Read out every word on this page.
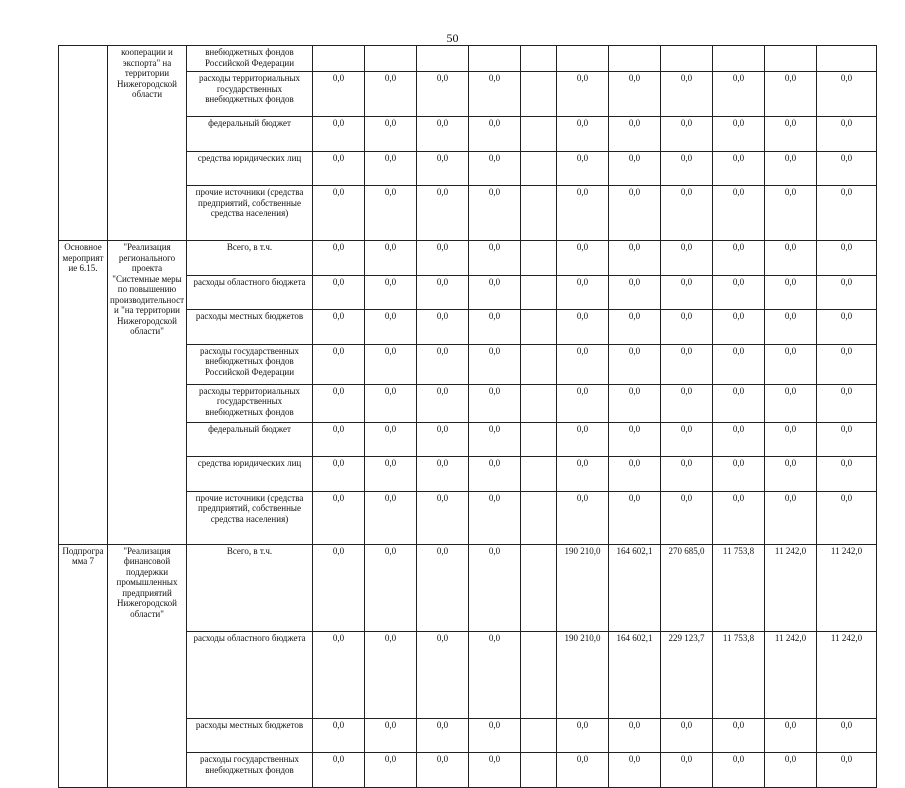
50
	кооперации и экспорта" на территории Нижегородской области	внебюджетных фондов Российской Федерации												
		расходы территориальных государственных внебюджетных фондов	0,0	0,0	0,0	0,0		0,0	0,0	0,0	0,0	0,0	0,0	
		федеральный бюджет	0,0	0,0	0,0	0,0		0,0	0,0	0,0	0,0	0,0	0,0	
		средства юридических лиц	0,0	0,0	0,0	0,0		0,0	0,0	0,0	0,0	0,0	0,0	
		прочие источники (средства предприятий, собственные средства населения)	0,0	0,0	0,0	0,0		0,0	0,0	0,0	0,0	0,0	0,0	
Основное мероприятие 6.15.	"Реализация регионального проекта "Системные меры по повышению производительности "на территории Нижегородской области"	Всего, в т.ч.	0,0	0,0	0,0	0,0		0,0	0,0	0,0	0,0	0,0	0,0	
		расходы областного бюджета	0,0	0,0	0,0	0,0		0,0	0,0	0,0	0,0	0,0	0,0	
		расходы местных бюджетов	0,0	0,0	0,0	0,0		0,0	0,0	0,0	0,0	0,0	0,0	
		расходы государственных внебюджетных фондов Российской Федерации	0,0	0,0	0,0	0,0		0,0	0,0	0,0	0,0	0,0	0,0	
		расходы территориальных государственных внебюджетных фондов	0,0	0,0	0,0	0,0		0,0	0,0	0,0	0,0	0,0	0,0	
		федеральный бюджет	0,0	0,0	0,0	0,0		0,0	0,0	0,0	0,0	0,0	0,0	
		средства юридических лиц	0,0	0,0	0,0	0,0		0,0	0,0	0,0	0,0	0,0	0,0	
		прочие источники (средства предприятий, собственные средства населения)	0,0	0,0	0,0	0,0		0,0	0,0	0,0	0,0	0,0	0,0	
Подпрограмма 7	"Реализация финансовой поддержки промышленных предприятий Нижегородской области"	Всего, в т.ч.	0,0	0,0	0,0	0,0		190 210,0	164 602,1	270 685,0	11 753,8	11 242,0	11 242,0	
		расходы областного бюджета	0,0	0,0	0,0	0,0		190 210,0	164 602,1	229 123,7	11 753,8	11 242,0	11 242,0	
		расходы местных бюджетов	0,0	0,0	0,0	0,0		0,0	0,0	0,0	0,0	0,0	0,0	
		расходы государственных внебюджетных фондов	0,0	0,0	0,0	0,0		0,0	0,0	0,0	0,0	0,0	0,0	
